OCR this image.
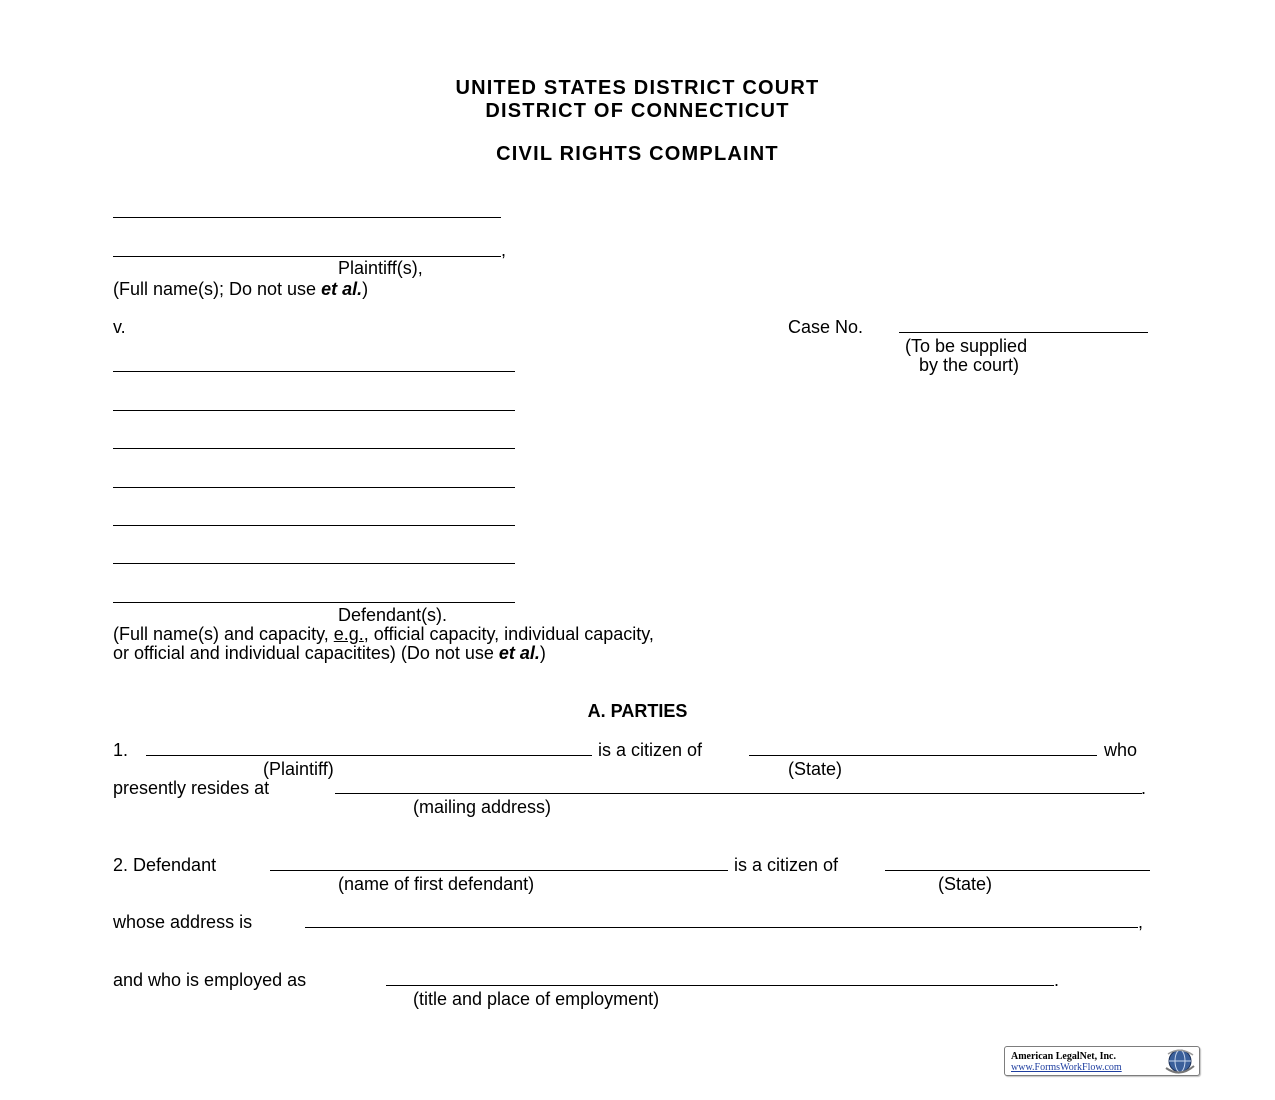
UNITED STATES DISTRICT COURT
DISTRICT OF CONNECTICUT
CIVIL RIGHTS COMPLAINT
,
Plaintiff(s),
(Full name(s); Do not use et al.)
v.	Case No.
(To be supplied
by the court)
Defendant(s).
(Full name(s) and capacity, e.g., official capacity, individual capacity,
or official and individual capacitites) (Do not use et al.)
A. PARTIES
1.	is a citizen of	who
(Plaintiff)	(State)
presently resides at	.
(mailing address)
2. Defendant	is a citizen of
(name of first defendant)	(State)
whose address is	,
and who is employed as	.
(title and place of employment)
American LegalNet, Inc.
www.FormsWorkFlow.com
